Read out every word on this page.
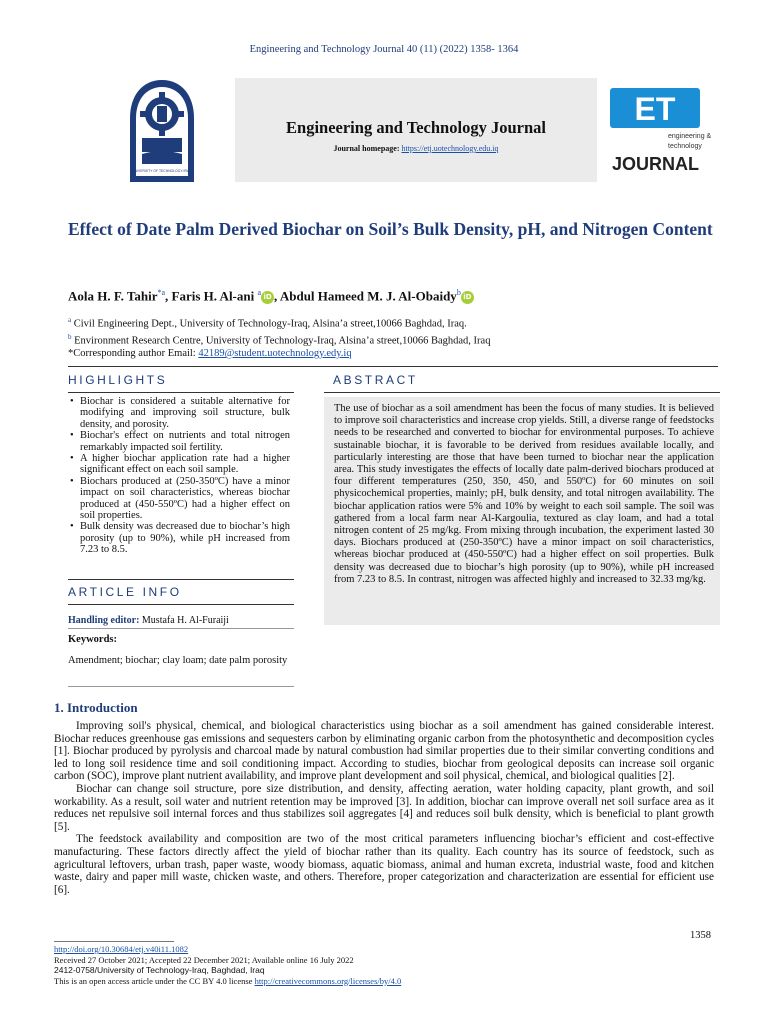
Engineering and Technology Journal 40 (11) (2022) 1358- 1364
UNIVERSITY OF TECHNOLOGY-IRAQ
Engineering and Technology Journal
Journal homepage: https://etj.uotechnology.edu.iq
ET
engineering &
technology
JOURNAL
Effect of Date Palm Derived Biochar on Soil’s Bulk Density, pH, and Nitrogen Content
Aola H. F. Tahir$^{*a}$, Faris H. Al-ani $^a$iD , Abdul Hameed M. J. Al-Obaidy$^b$iD
$^a$ Civil Engineering Dept., University of Technology-Iraq, Alsina’a street,10066 Baghdad, Iraq.
$^b$ Environment Research Centre, University of Technology-Iraq, Alsina’a street,10066 Baghdad, Iraq
*Corresponding author Email: 42189@student.uotechnology.edy.iq
HIGHLIGHTS	ABSTRACT
• Biochar is considered a suitable alternative for modifying and improving soil structure, bulk density, and porosity.
• Biochar's effect on nutrients and total nitrogen remarkably impacted soil fertility.
• A higher biochar application rate had a higher significant effect on each soil sample.
• Biochars produced at (250-350ºC) have a minor impact on soil characteristics, whereas biochar produced at (450-550ºC) had a higher effect on soil properties.
• Bulk density was decreased due to biochar’s high porosity (up to 90%), while pH increased from 7.23 to 8.5.
The use of biochar as a soil amendment has been the focus of many studies. It is believed to improve soil characteristics and increase crop yields. Still, a diverse range of feedstocks needs to be researched and converted to biochar for environmental purposes. To achieve sustainable biochar, it is favorable to be derived from residues available locally, and particularly interesting are those that have been turned to biochar near the application area. This study investigates the effects of locally date palm-derived biochars produced at four different temperatures (250, 350, 450, and 550ºC) for 60 minutes on soil physicochemical properties, mainly; pH, bulk density, and total nitrogen availability. The biochar application ratios were 5% and 10% by weight to each soil sample. The soil was gathered from a local farm near Al-Kargoulia, textured as clay loam, and had a total nitrogen content of 25 mg/kg. From mixing through incubation, the experiment lasted 30 days. Biochars produced at (250-350ºC) have a minor impact on soil characteristics, whereas biochar produced at (450-550ºC) had a higher effect on soil properties. Bulk density was decreased due to biochar’s high porosity (up to 90%), while pH increased from 7.23 to 8.5. In contrast, nitrogen was affected highly and increased to 32.33 mg/kg.
ARTICLE INFO
Handling editor: Mustafa H. Al-Furaiji
Keywords:
Amendment; biochar; clay loam; date palm porosity
1. Introduction

Improving soil's physical, chemical, and biological characteristics using biochar as a soil amendment has gained considerable interest. Biochar reduces greenhouse gas emissions and sequesters carbon by eliminating organic carbon from the photosynthetic and decomposition cycles [1]. Biochar produced by pyrolysis and charcoal made by natural combustion had similar properties due to their similar converting conditions and led to long soil residence time and soil conditioning impact. According to studies, biochar from geological deposits can increase soil organic carbon (SOC), improve plant nutrient availability, and improve plant development and soil physical, chemical, and biological qualities [2].

Biochar can change soil structure, pore size distribution, and density, affecting aeration, water holding capacity, plant growth, and soil workability. As a result, soil water and nutrient retention may be improved [3]. In addition, biochar can improve overall net soil surface area as it reduces net repulsive soil internal forces and thus stabilizes soil aggregates [4] and reduces soil bulk density, which is beneficial to plant growth [5].

The feedstock availability and composition are two of the most critical parameters influencing biochar’s efficient and cost-effective manufacturing. These factors directly affect the yield of biochar rather than its quality. Each country has its source of feedstock, such as agricultural leftovers, urban trash, paper waste, woody biomass, aquatic biomass, animal and human excreta, industrial waste, food and kitchen waste, dairy and paper mill waste, chicken waste, and others. Therefore, proper categorization and characterization are essential for efficient use [6].

1358
http://doi.org/10.30684/etj.v40i11.1082
Received 27 October 2021; Accepted 22 December 2021; Available online 16 July 2022
2412-0758/University of Technology-Iraq, Baghdad, Iraq
This is an open access article under the CC BY 4.0 license http://creativecommons.org/licenses/by/4.0
